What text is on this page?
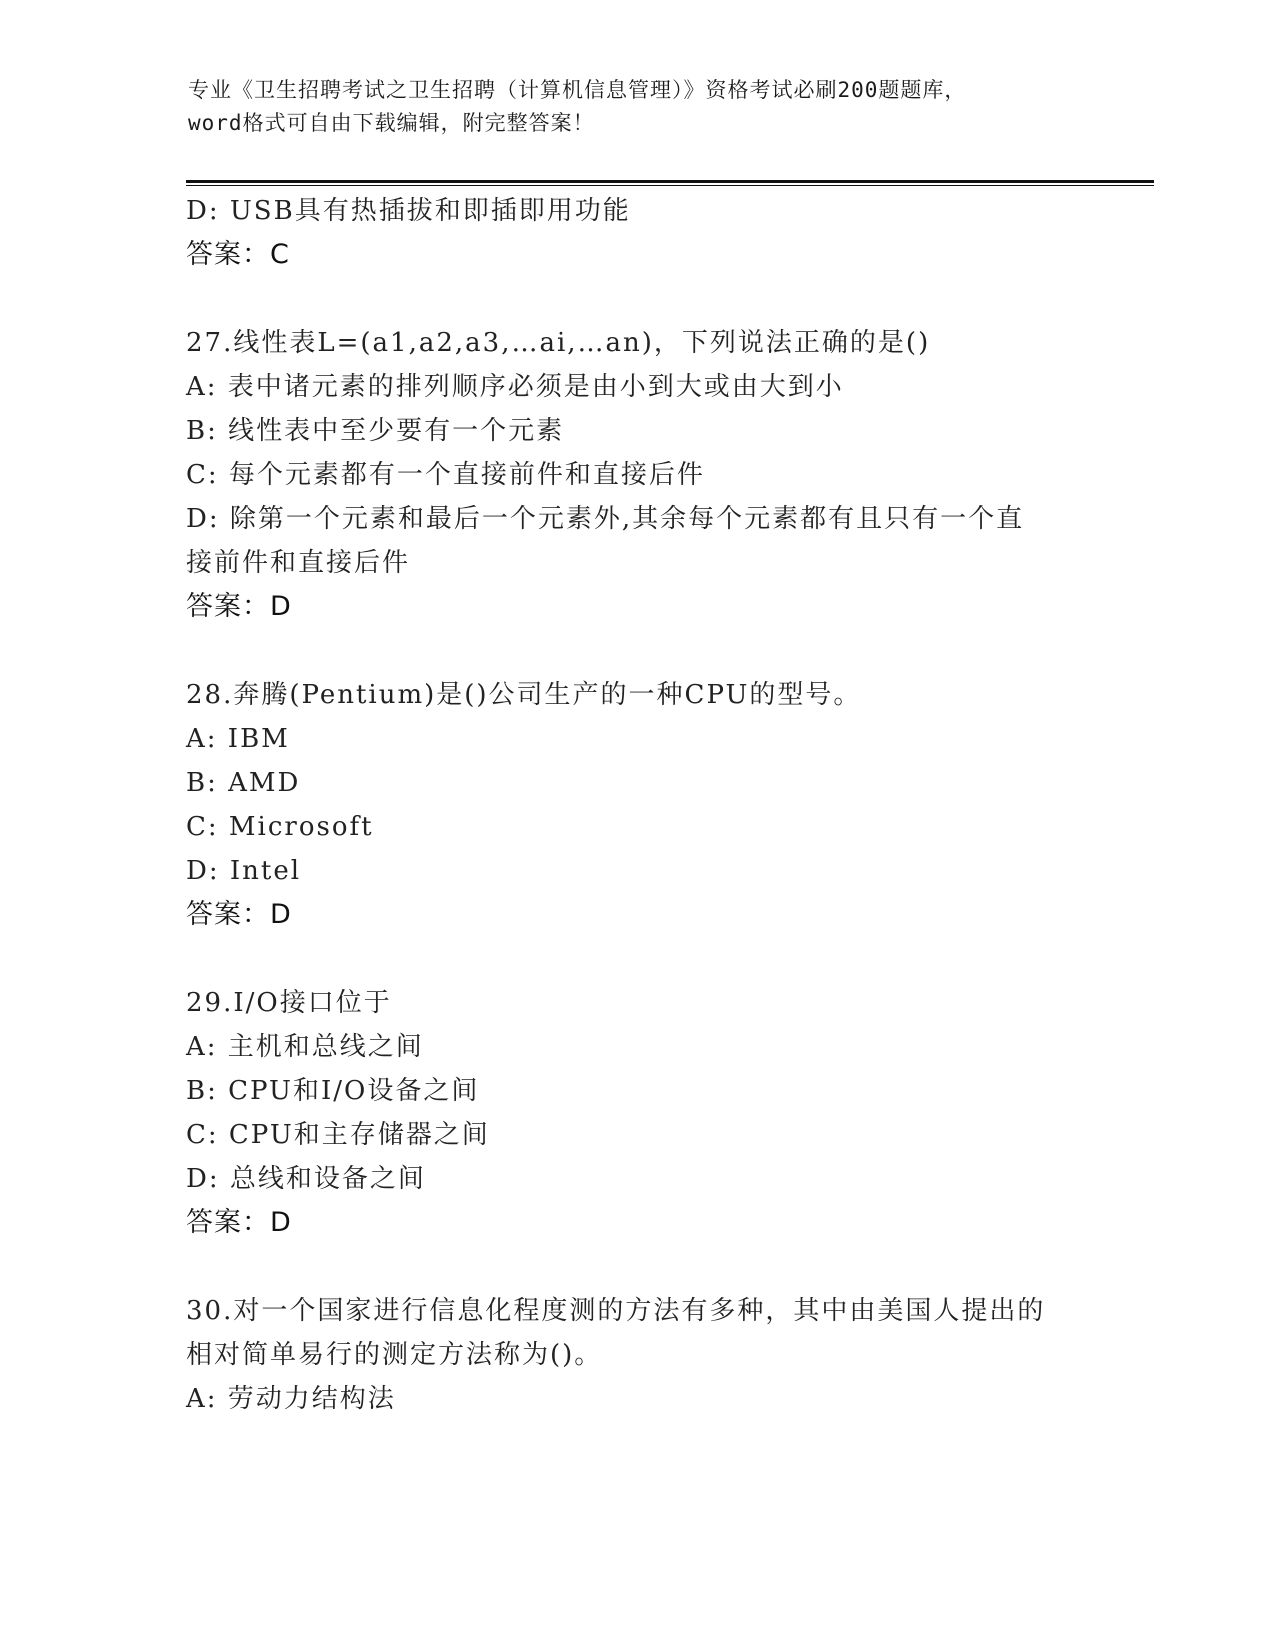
专业《卫生招聘考试之卫生招聘（计算机信息管理）》资格考试必刷200题题库，
word格式可自由下载编辑，附完整答案！
D: USB具有热插拔和即插即用功能
答案：C
27.线性表L=(a1,a2,a3,…ai,…an)，下列说法正确的是()
A: 表中诸元素的排列顺序必须是由小到大或由大到小
B: 线性表中至少要有一个元素
C: 每个元素都有一个直接前件和直接后件
D: 除第一个元素和最后一个元素外,其余每个元素都有且只有一个直
接前件和直接后件
答案：D
28.奔腾(Pentium)是()公司生产的一种CPU的型号。
A: IBM
B: AMD
C: Microsoft
D: Intel
答案：D
29.I/O接口位于
A: 主机和总线之间
B: CPU和I/O设备之间
C: CPU和主存储器之间
D: 总线和设备之间
答案：D
30.对一个国家进行信息化程度测的方法有多种，其中由美国人提出的
相对简单易行的测定方法称为()。
A: 劳动力结构法
